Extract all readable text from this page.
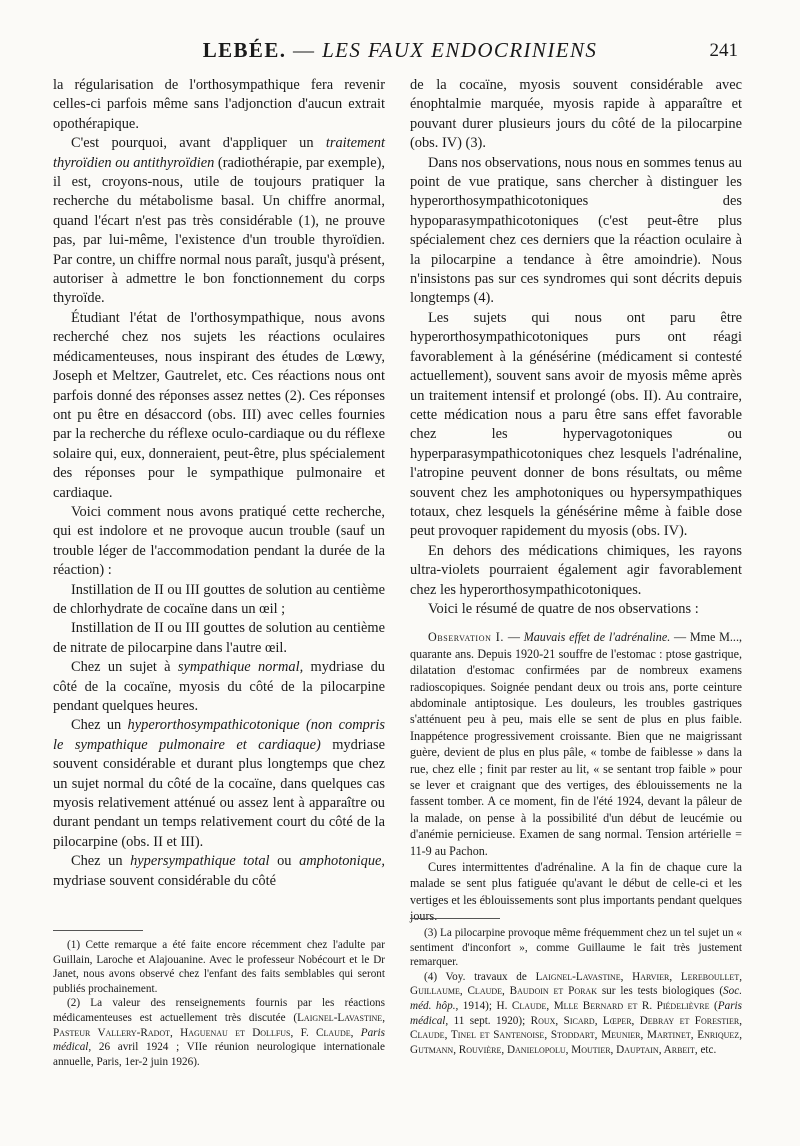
LEBÉE. — LES FAUX ENDOCRINIENS	241

la régularisation de l'orthosympathique fera revenir celles-ci parfois même sans l'adjonction d'aucun extrait opothérapique.

C'est pourquoi, avant d'appliquer un traitement thyroïdien ou antithyroïdien (radiothérapie, par exemple), il est, croyons-nous, utile de toujours pratiquer la recherche du métabolisme basal. Un chiffre anormal, quand l'écart n'est pas très considérable (1), ne prouve pas, par lui-même, l'existence d'un trouble thyroïdien. Par contre, un chiffre normal nous paraît, jusqu'à présent, autoriser à admettre le bon fonctionnement du corps thyroïde.

Étudiant l'état de l'orthosympathique, nous avons recherché chez nos sujets les réactions oculaires médicamenteuses, nous inspirant des études de Lœwy, Joseph et Meltzer, Gautrelet, etc. Ces réactions nous ont parfois donné des réponses assez nettes (2). Ces réponses ont pu être en désaccord (obs. III) avec celles fournies par la recherche du réflexe oculo-cardiaque ou du réflexe solaire qui, eux, donneraient, peut-être, plus spécialement des réponses pour le sympathique pulmonaire et cardiaque.

Voici comment nous avons pratiqué cette recherche, qui est indolore et ne provoque aucun trouble (sauf un trouble léger de l'accommodation pendant la durée de la réaction) :

Instillation de II ou III gouttes de solution au centième de chlorhydrate de cocaïne dans un œil ;

Instillation de II ou III gouttes de solution au centième de nitrate de pilocarpine dans l'autre œil.

Chez un sujet à sympathique normal, mydriase du côté de la cocaïne, myosis du côté de la pilocarpine pendant quelques heures.

Chez un hyperorthosympathicotonique (non compris le sympathique pulmonaire et cardiaque) mydriase souvent considérable et durant plus longtemps que chez un sujet normal du côté de la cocaïne, dans quelques cas myosis relativement atténué ou assez lent à apparaître ou durant pendant un temps relativement court du côté de la pilocarpine (obs. II et III).

Chez un hypersympathique total ou amphotonique, mydriase souvent considérable du côté

(1) Cette remarque a été faite encore récemment chez l'adulte par Guillain, Laroche et Alajouanine. Avec le professeur Nobécourt et le Dr Janet, nous avons observé chez l'enfant des faits semblables qui seront publiés prochainement.

(2) La valeur des renseignements fournis par les réactions médicamenteuses est actuellement très discutée (Laignel-Lavastine, Pasteur Vallery-Radot, Haguenau et Dollfus, F. Claude, Paris médical, 26 avril 1924 ; VIIe réunion neurologique internationale annuelle, Paris, 1er-2 juin 1926).

de la cocaïne, myosis souvent considérable avec énophtalmie marquée, myosis rapide à apparaître et pouvant durer plusieurs jours du côté de la pilocarpine (obs. IV) (3).

Dans nos observations, nous nous en sommes tenus au point de vue pratique, sans chercher à distinguer les hyperorthosympathicotoniques des hypoparasympathicotoniques (c'est peut-être plus spécialement chez ces derniers que la réaction oculaire à la pilocarpine a tendance à être amoindrie). Nous n'insistons pas sur ces syndromes qui sont décrits depuis longtemps (4).

Les sujets qui nous ont paru être hyperorthosympathicotoniques purs ont réagi favorablement à la génésérine (médicament si contesté actuellement), souvent sans avoir de myosis même après un traitement intensif et prolongé (obs. II). Au contraire, cette médication nous a paru être sans effet favorable chez les hypervagotoniques ou hyperparasympathicotoniques chez lesquels l'adrénaline, l'atropine peuvent donner de bons résultats, ou même souvent chez les amphotoniques ou hypersympathiques totaux, chez lesquels la génésérine même à faible dose peut provoquer rapidement du myosis (obs. IV).

En dehors des médications chimiques, les rayons ultra-violets pourraient également agir favorablement chez les hyperorthosympathicotoniques.

Voici le résumé de quatre de nos observations :

Observation I. — Mauvais effet de l'adrénaline. — Mme M..., quarante ans. Depuis 1920-21 souffre de l'estomac : ptose gastrique, dilatation d'estomac confirmées par de nombreux examens radioscopiques. Soignée pendant deux ou trois ans, porte ceinture abdominale antiptosique. Les douleurs, les troubles gastriques s'atténuent peu à peu, mais elle se sent de plus en plus faible. Inappétence progressivement croissante. Bien que ne maigrissant guère, devient de plus en plus pâle, « tombe de faiblesse » dans la rue, chez elle ; finit par rester au lit, « se sentant trop faible » pour se lever et craignant que des vertiges, des éblouissements ne la fassent tomber. A ce moment, fin de l'été 1924, devant la pâleur de la malade, on pense à la possibilité d'un début de leucémie ou d'anémie pernicieuse. Examen de sang normal. Tension artérielle = 11-9 au Pachon.

Cures intermittentes d'adrénaline. A la fin de chaque cure la malade se sent plus fatiguée qu'avant le début de celle-ci et les vertiges et les éblouissements sont plus importants pendant quelques jours.

(3) La pilocarpine provoque même fréquemment chez un tel sujet un « sentiment d'inconfort », comme Guillaume le fait très justement remarquer.

(4) Voy. travaux de Laignel-Lavastine, Harvier, Lereboullet, Guillaume, Claude, Baudoin et Porak sur les tests biologiques (Soc. méd. hôp., 1914); H. Claude, Mlle Bernard et R. Piédelièvre (Paris médical, 11 sept. 1920); Roux, Sicard, Lœper, Debray et Forestier, Claude, Tinel et Santenoise, Stoddart, Meunier, Martinet, Enriquez, Gutmann, Rouvière, Danielopolu, Moutier, Dauptain, Arbeit, etc.
